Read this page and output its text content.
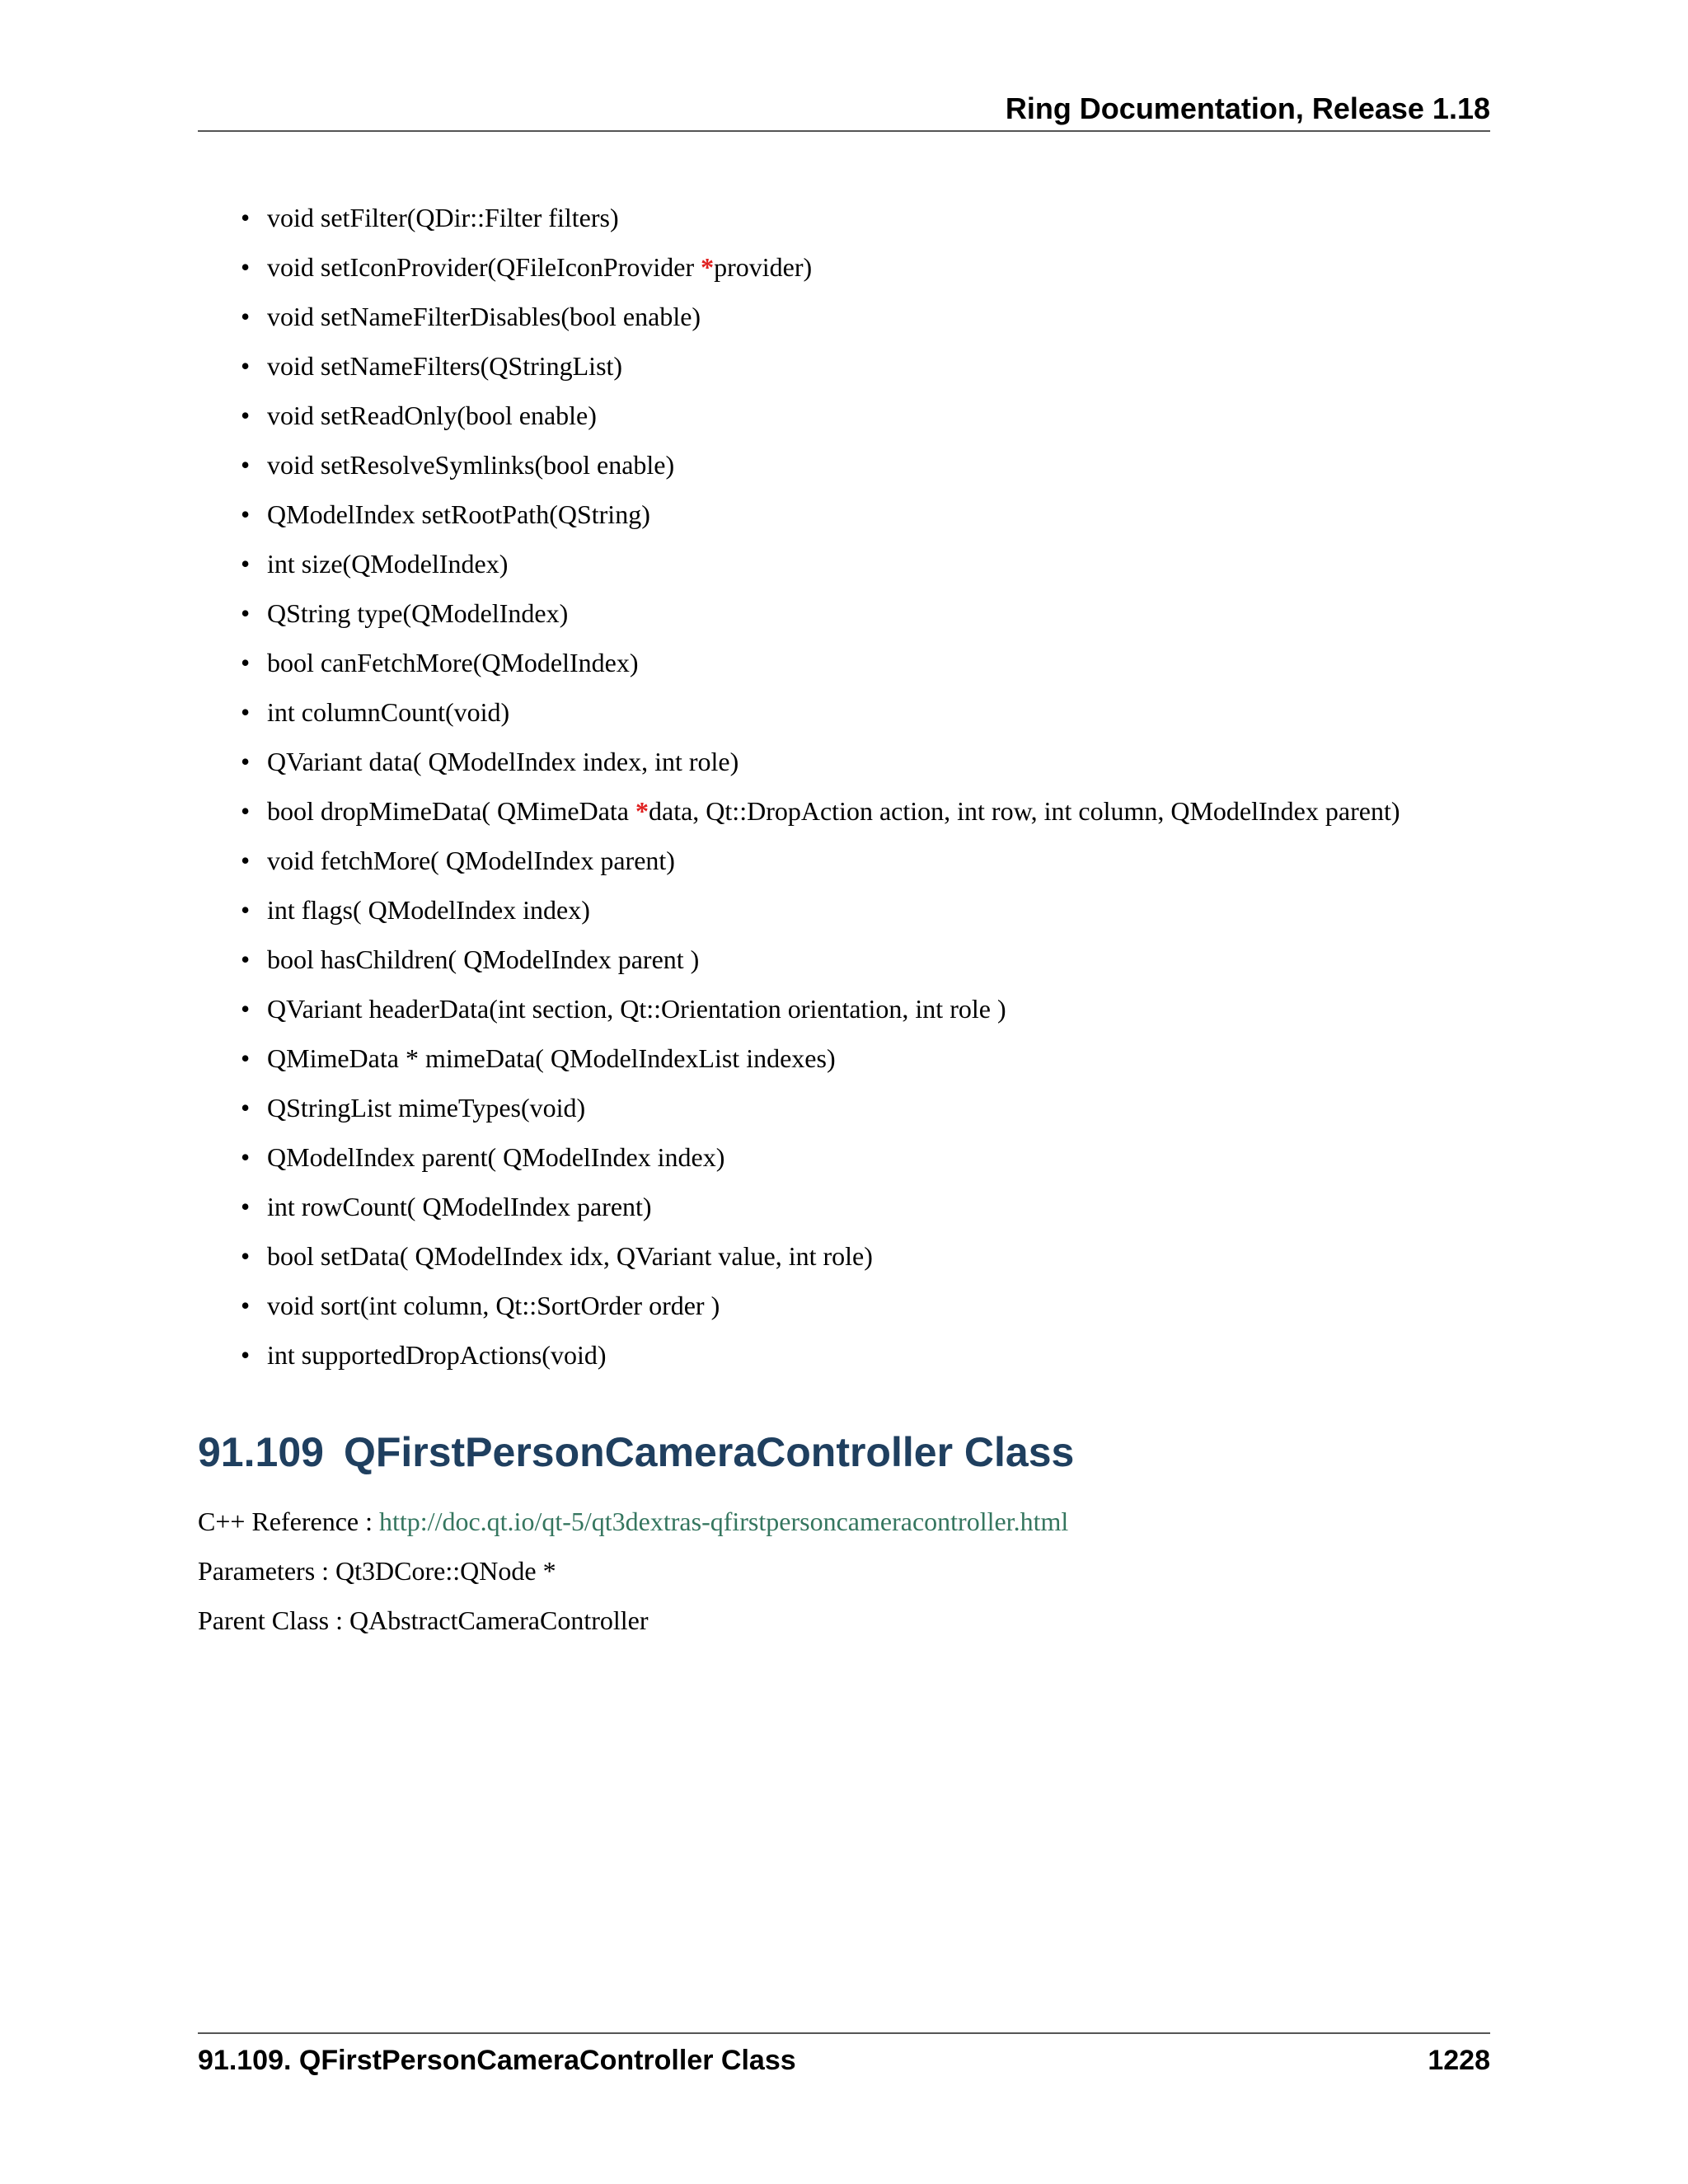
Ring Documentation, Release 1.18
• void setFilter(QDir::Filter filters)
• void setIconProvider(QFileIconProvider *provider)
• void setNameFilterDisables(bool enable)
• void setNameFilters(QStringList)
• void setReadOnly(bool enable)
• void setResolveSymlinks(bool enable)
• QModelIndex setRootPath(QString)
• int size(QModelIndex)
• QString type(QModelIndex)
• bool canFetchMore(QModelIndex)
• int columnCount(void)
• QVariant data( QModelIndex index, int role)
• bool dropMimeData( QMimeData *data, Qt::DropAction action, int row, int column, QModelIndex parent)
• void fetchMore( QModelIndex parent)
• int flags( QModelIndex index)
• bool hasChildren( QModelIndex parent )
• QVariant headerData(int section, Qt::Orientation orientation, int role )
• QMimeData * mimeData( QModelIndexList indexes)
• QStringList mimeTypes(void)
• QModelIndex parent( QModelIndex index)
• int rowCount( QModelIndex parent)
• bool setData( QModelIndex idx, QVariant value, int role)
• void sort(int column, Qt::SortOrder order )
• int supportedDropActions(void)
91.109 QFirstPersonCameraController Class

C++ Reference : http://doc.qt.io/qt-5/qt3dextras-qfirstpersoncameracontroller.html

Parameters : Qt3DCore::QNode *

Parent Class : QAbstractCameraController

91.109. QFirstPersonCameraController Class	1228
